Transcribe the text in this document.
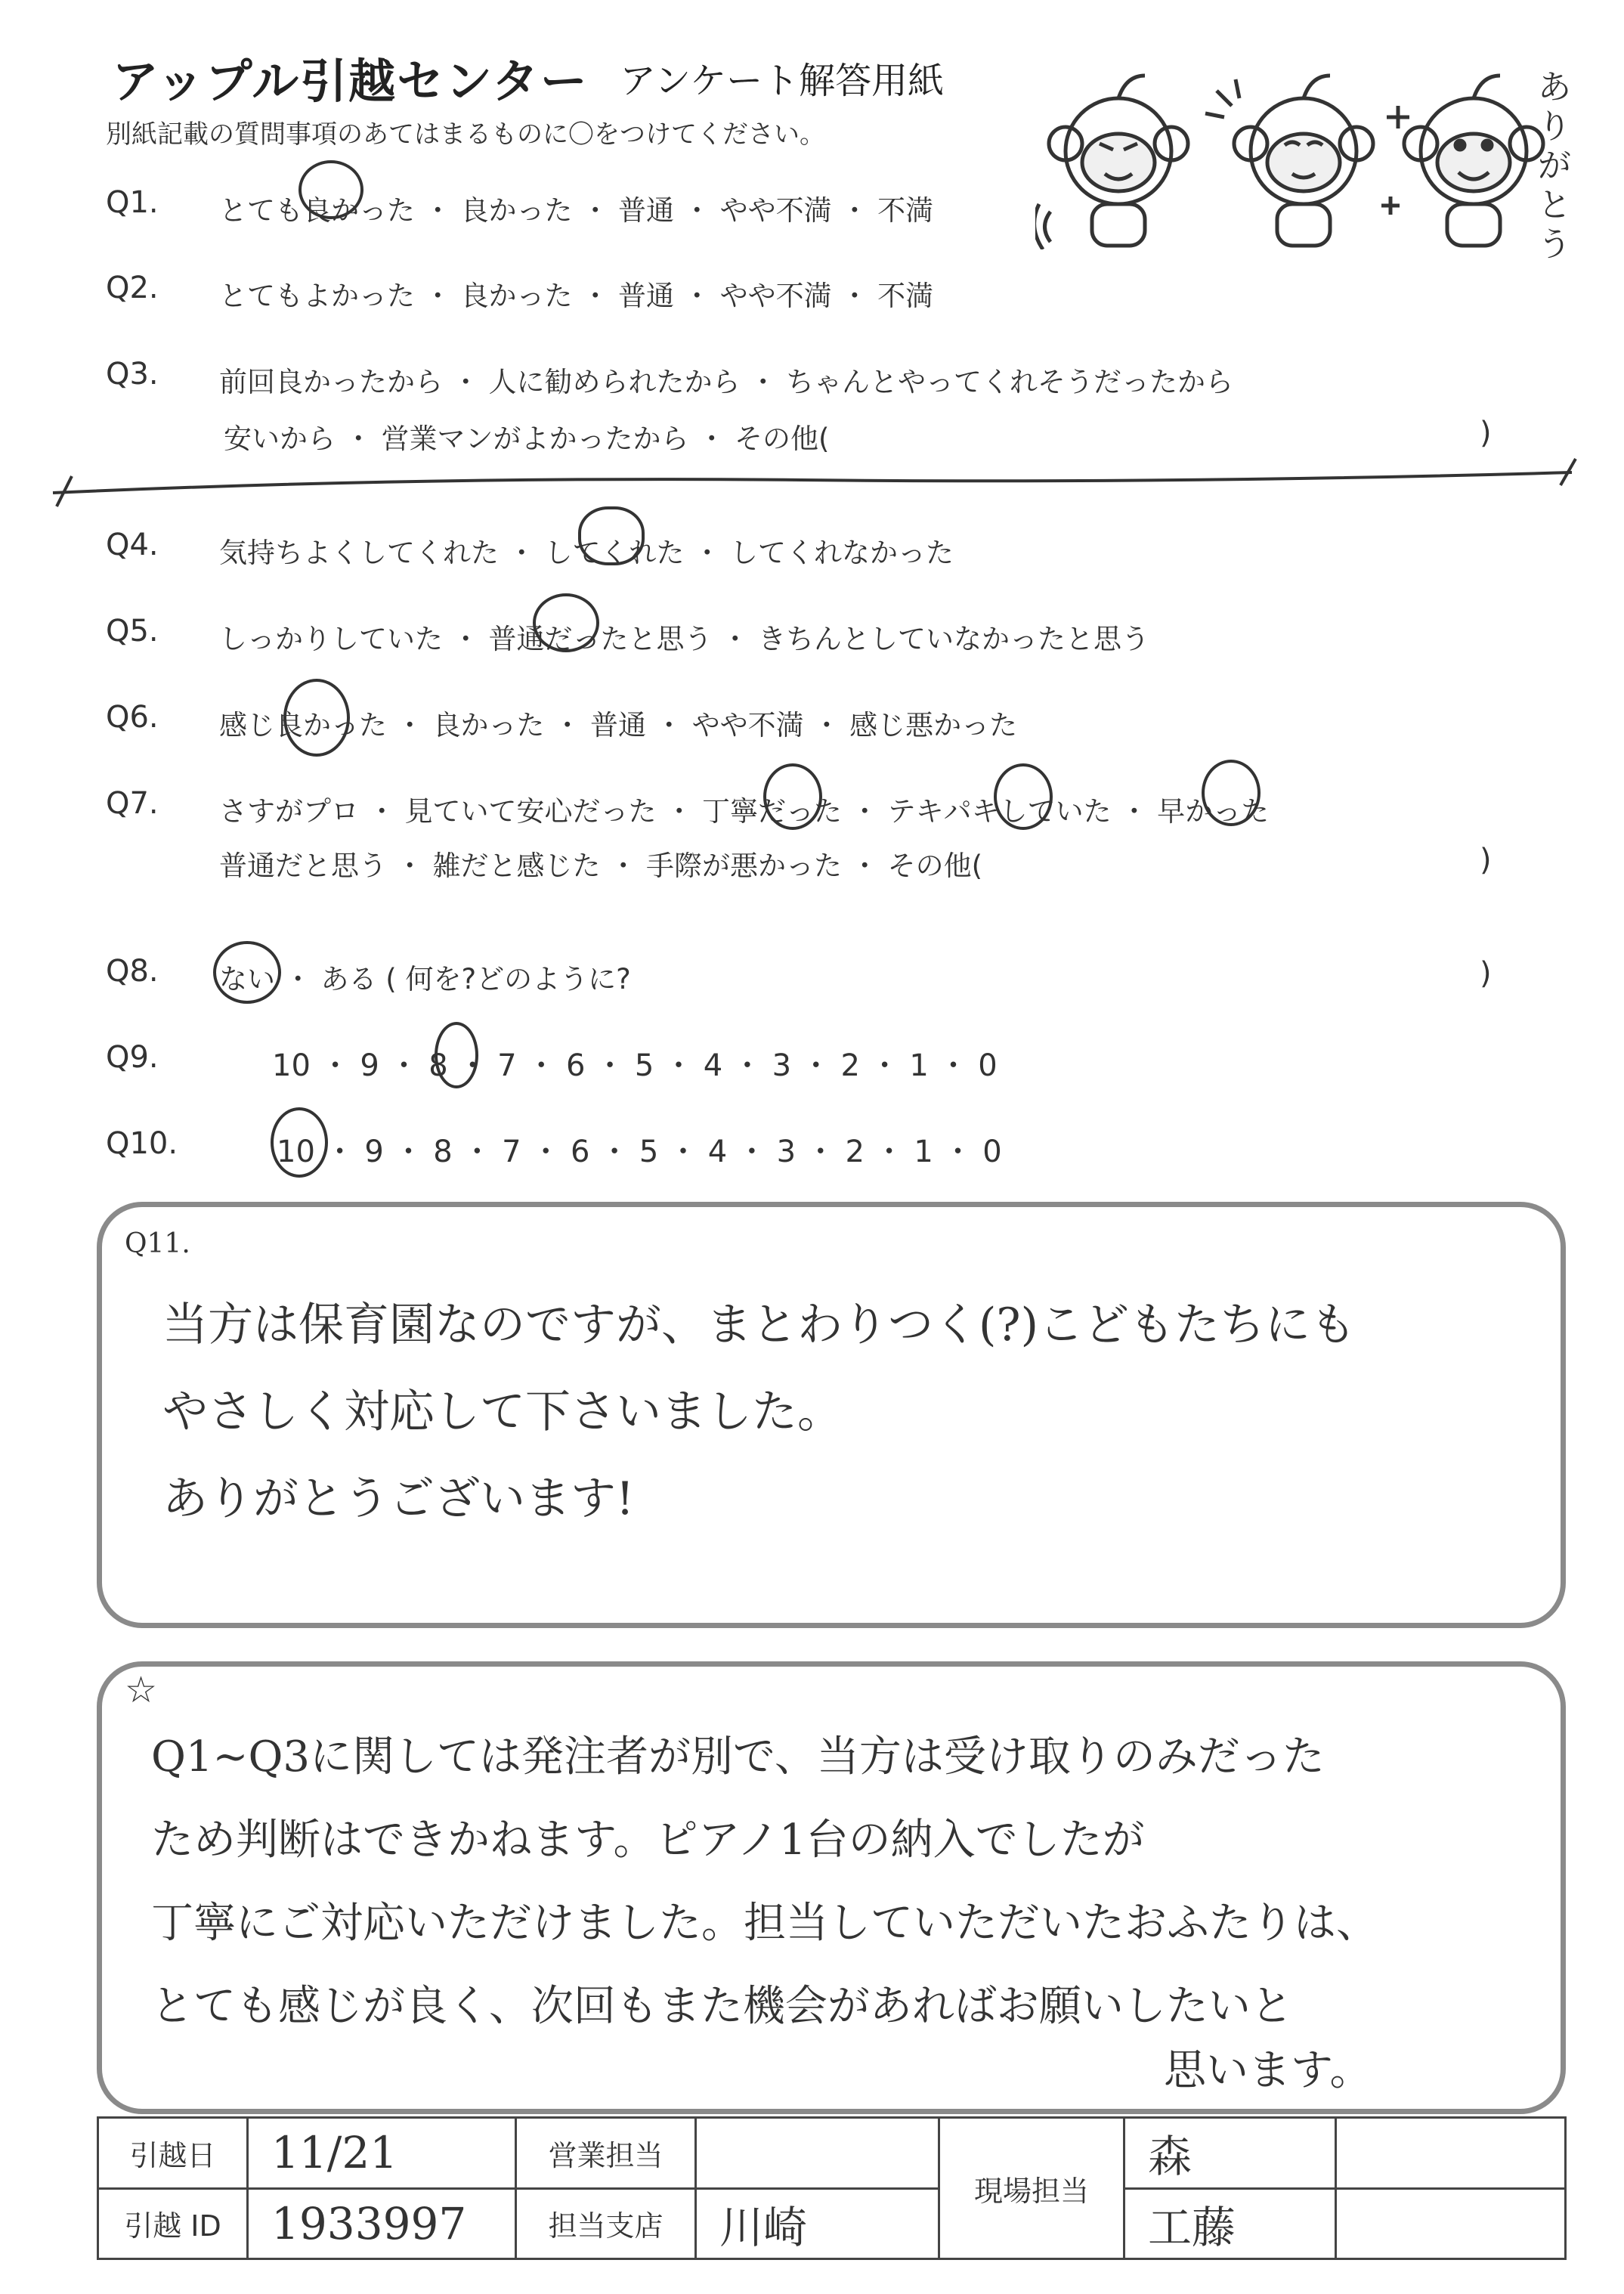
アップル引越センター アンケート解答用紙
別紙記載の質問事項のあてはまるものに〇をつけてください。
ありがとう
Q1. とても良かった ・ 良かった ・ 普通 ・ やや不満 ・ 不満
Q2. とてもよかった ・ 良かった ・ 普通 ・ やや不満 ・ 不満
Q3. 前回良かったから ・ 人に勧められたから ・ ちゃんとやってくれそうだったから
安いから ・ 営業マンがよかったから ・ その他(	)
Q4. 気持ちよくしてくれた ・ してくれた ・ してくれなかった
Q5. しっかりしていた ・ 普通だったと思う ・ きちんとしていなかったと思う
Q6. 感じ良かった ・ 良かった ・ 普通 ・ やや不満 ・ 感じ悪かった
Q7. さすがプロ ・ 見ていて安心だった ・ 丁寧だった ・ テキパキしていた ・ 早かった
普通だと思う ・ 雑だと感じた ・ 手際が悪かった ・ その他(	)
Q8. ない ・ ある ( 何を?どのように?	)
Q9.	10 ・ 9 ・ 8 ・ 7 ・ 6 ・ 5 ・ 4 ・ 3 ・ 2 ・ 1 ・ 0
Q10.	10 ・ 9 ・ 8 ・ 7 ・ 6 ・ 5 ・ 4 ・ 3 ・ 2 ・ 1 ・ 0
Q11.
当方は保育園なのですが、まとわりつく(?)こどもたちにも
やさしく対応して下さいました。
ありがとうございます!
☆
Q1~Q3に関しては発注者が別で、当方は受け取りのみだった
ため判断はできかねます。ピアノ1台の納入でしたが
丁寧にご対応いただけました。担当していただいたおふたりは、
とても感じが良く、次回もまた機会があればお願いしたいと
思います。
引越日	11/21	営業担当		現場担当	森	
引越 ID	1933997	担当支店	川崎		工藤	
